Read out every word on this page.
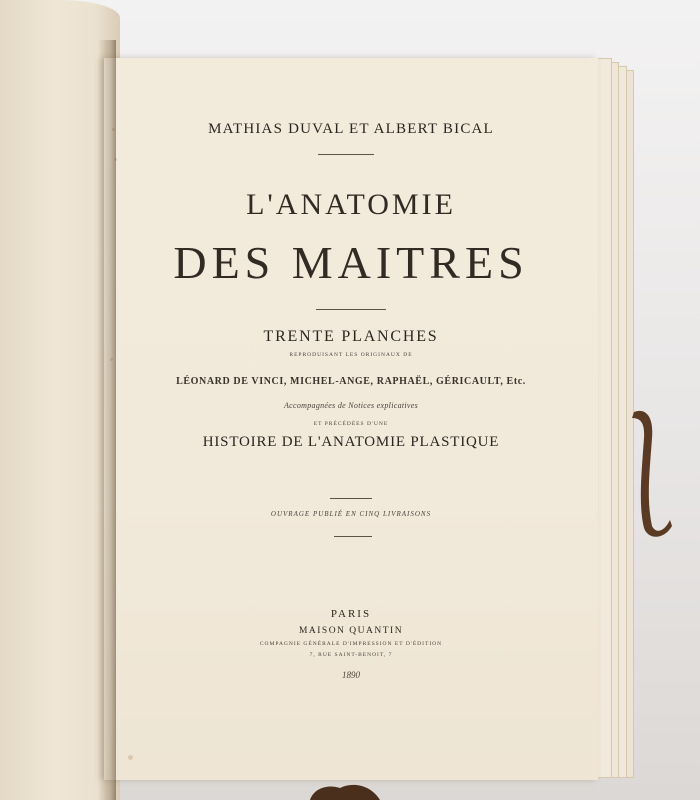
MATHIAS DUVAL ET ALBERT BICAL
L'ANATOMIE
DES MAITRES
TRENTE PLANCHES
REPRODUISANT LES ORIGINAUX DE
LÉONARD DE VINCI, MICHEL-ANGE, RAPHAËL, GÉRICAULT, Etc.
Accompagnées de Notices explicatives
ET PRÉCÉDÉES D'UNE
HISTOIRE DE L'ANATOMIE PLASTIQUE
OUVRAGE PUBLIÉ EN CINQ LIVRAISONS
PARIS
MAISON QUANTIN
COMPAGNIE GÉNÉRALE D'IMPRESSION ET D'ÉDITION
7, RUE SAINT-BENOIT, 7
1890
